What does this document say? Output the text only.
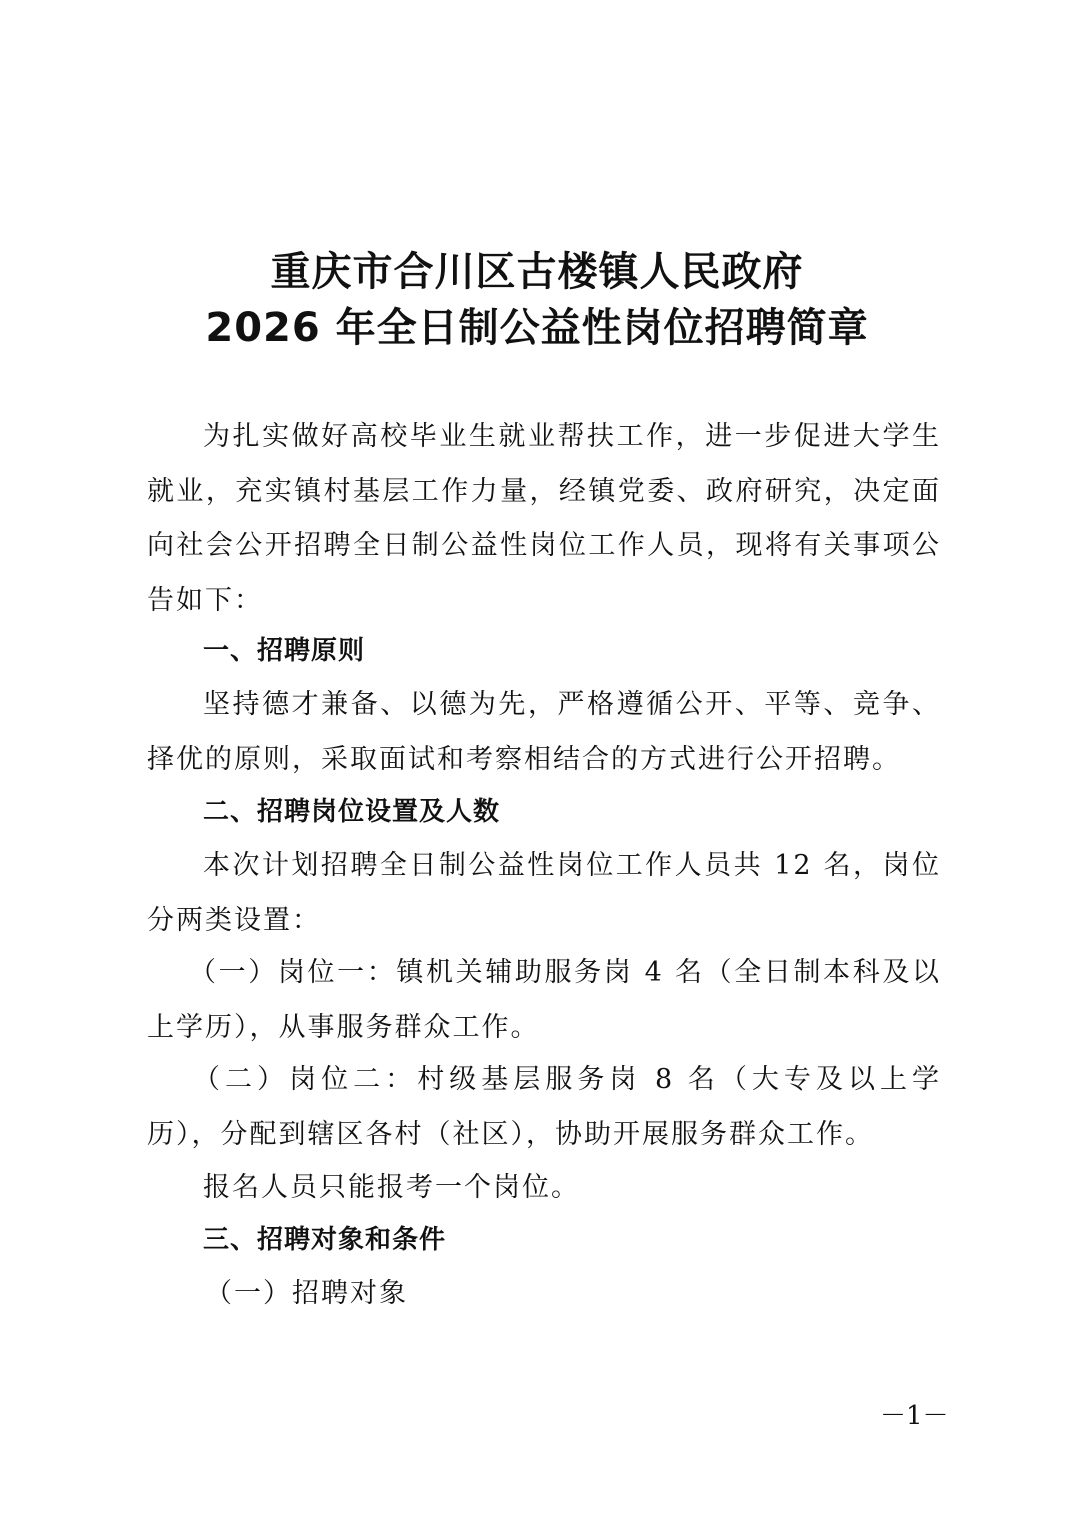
重庆市合川区古楼镇人民政府
2026 年全日制公益性岗位招聘简章
为扎实做好高校毕业生就业帮扶工作，进一步促进大学生就业，充实镇村基层工作力量，经镇党委、政府研究，决定面向社会公开招聘全日制公益性岗位工作人员，现将有关事项公告如下：
一、招聘原则
坚持德才兼备、以德为先，严格遵循公开、平等、竞争、择优的原则，采取面试和考察相结合的方式进行公开招聘。
二、招聘岗位设置及人数
本次计划招聘全日制公益性岗位工作人员共 12 名，岗位分两类设置：
（一）岗位一：镇机关辅助服务岗 4 名（全日制本科及以上学历），从事服务群众工作。
（二）岗位二：村级基层服务岗 8 名（大专及以上学历），分配到辖区各村（社区），协助开展服务群众工作。
报名人员只能报考一个岗位。
三、招聘对象和条件
（一）招聘对象
－1－
